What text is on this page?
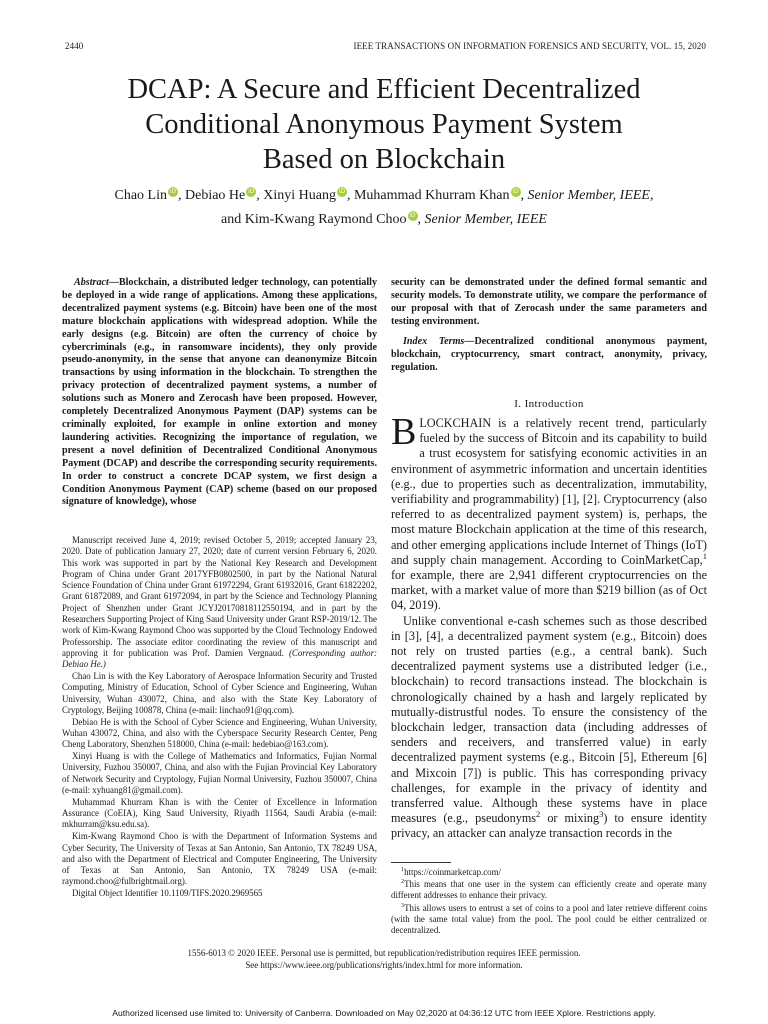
2440	IEEE TRANSACTIONS ON INFORMATION FORENSICS AND SECURITY, VOL. 15, 2020
DCAP: A Secure and Efficient Decentralized
Conditional Anonymous Payment System
Based on Blockchain
Chao Lin iD , Debiao He iD , Xinyi Huang iD , Muhammad Khurram Khan iD , Senior Member, IEEE,
and Kim-Kwang Raymond Choo iD , Senior Member, IEEE

Abstract—Blockchain, a distributed ledger technology, can potentially be deployed in a wide range of applications. Among these applications, decentralized payment systems (e.g. Bitcoin) have been one of the most mature blockchain applications with widespread adoption. While the early designs (e.g. Bitcoin) are often the currency of choice by cybercriminals (e.g., in ransomware incidents), they only provide pseudo-anonymity, in the sense that anyone can deanonymize Bitcoin transactions by using information in the blockchain. To strengthen the privacy protection of decentralized payment systems, a number of solutions such as Monero and Zerocash have been proposed. However, completely Decentralized Anonymous Payment (DAP) systems can be criminally exploited, for example in online extortion and money laundering activities. Recognizing the importance of regulation, we present a novel definition of Decentralized Conditional Anonymous Payment (DCAP) and describe the corresponding security requirements. In order to construct a concrete DCAP system, we first design a Condition Anonymous Payment (CAP) scheme (based on our proposed signature of knowledge), whose

Manuscript received June 4, 2019; revised October 5, 2019; accepted January 23, 2020. Date of publication January 27, 2020; date of current version February 6, 2020. This work was supported in part by the National Key Research and Development Program of China under Grant 2017YFB0802500, in part by the National Natural Science Foundation of China under Grant 61972294, Grant 61932016, Grant 61822202, Grant 61872089, and Grant 61972094, in part by the Science and Technology Planning Project of Shenzhen under Grant JCYJ20170818112550194, and in part by the Researchers Supporting Project of King Saud University under Grant RSP-2019/12. The work of Kim-Kwang Raymond Choo was supported by the Cloud Technology Endowed Professorship. The associate editor coordinating the review of this manuscript and approving it for publication was Prof. Damien Vergnaud. (Corresponding author: Debiao He.)

Chao Lin is with the Key Laboratory of Aerospace Information Security and Trusted Computing, Ministry of Education, School of Cyber Science and Engineering, Wuhan University, Wuhan 430072, China, and also with the State Key Laboratory of Cryptology, Beijing 100878, China (e-mail: linchao91@qq.com).

Debiao He is with the School of Cyber Science and Engineering, Wuhan University, Wuhan 430072, China, and also with the Cyberspace Security Research Center, Peng Cheng Laboratory, Shenzhen 518000, China (e-mail: hedebiao@163.com).

Xinyi Huang is with the College of Mathematics and Informatics, Fujian Normal University, Fuzhou 350007, China, and also with the Fujian Provincial Key Laboratory of Network Security and Cryptology, Fujian Normal University, Fuzhou 350007, China (e-mail: xyhuang81@gmail.com).

Muhammad Khurram Khan is with the Center of Excellence in Information Assurance (CoEIA), King Saud University, Riyadh 11564, Saudi Arabia (e-mail: mkhurram@ksu.edu.sa).

Kim-Kwang Raymond Choo is with the Department of Information Systems and Cyber Security, The University of Texas at San Antonio, San Antonio, TX 78249 USA, and also with the Department of Electrical and Computer Engineering, The University of Texas at San Antonio, San Antonio, TX 78249 USA (e-mail: raymond.choo@fulbrightmail.org).

Digital Object Identifier 10.1109/TIFS.2020.2969565

security can be demonstrated under the defined formal semantic and security models. To demonstrate utility, we compare the performance of our proposal with that of Zerocash under the same parameters and testing environment.

Index Terms—Decentralized conditional anonymous payment, blockchain, cryptocurrency, smart contract, anonymity, privacy, regulation.

I. Introduction

BLOCKCHAIN is a relatively recent trend, particularly fueled by the success of Bitcoin and its capability to build a trust ecosystem for satisfying economic activities in an environment of asymmetric information and uncertain identities (e.g., due to properties such as decentralization, immutability, verifiability and programmability) [1], [2]. Cryptocurrency (also referred to as decentralized payment system) is, perhaps, the most mature Blockchain application at the time of this research, and other emerging applications include Internet of Things (IoT) and supply chain management. According to CoinMarketCap,$^1$ for example, there are 2,941 different cryptocurrencies on the market, with a market value of more than $219 billion (as of Oct 04, 2019).

Unlike conventional e-cash schemes such as those described in [3], [4], a decentralized payment system (e.g., Bitcoin) does not rely on trusted parties (e.g., a central bank). Such decentralized payment systems use a distributed ledger (i.e., blockchain) to record transactions instead. The blockchain is chronologically chained by a hash and largely replicated by mutually-distrustful nodes. To ensure the consistency of the blockchain ledger, transaction data (including addresses of senders and receivers, and transferred value) in early decentralized payment systems (e.g., Bitcoin [5], Ethereum [6] and Mixcoin [7]) is public. This has corresponding privacy challenges, for example in the privacy of identity and transferred value. Although these systems have in place measures (e.g., pseudonyms$^2$ or mixing$^3$) to ensure identity privacy, an attacker can analyze transaction records in the

$^1$https://coinmarketcap.com/

$^2$This means that one user in the system can efficiently create and operate many different addresses to enhance their privacy.

$^3$This allows users to entrust a set of coins to a pool and later retrieve different coins (with the same total value) from the pool. The pool could be either centralized or decentralized.

1556-6013 © 2020 IEEE. Personal use is permitted, but republication/redistribution requires IEEE permission.
See https://www.ieee.org/publications/rights/index.html for more information.
Authorized licensed use limited to: University of Canberra. Downloaded on May 02,2020 at 04:36:12 UTC from IEEE Xplore. Restrictions apply.
